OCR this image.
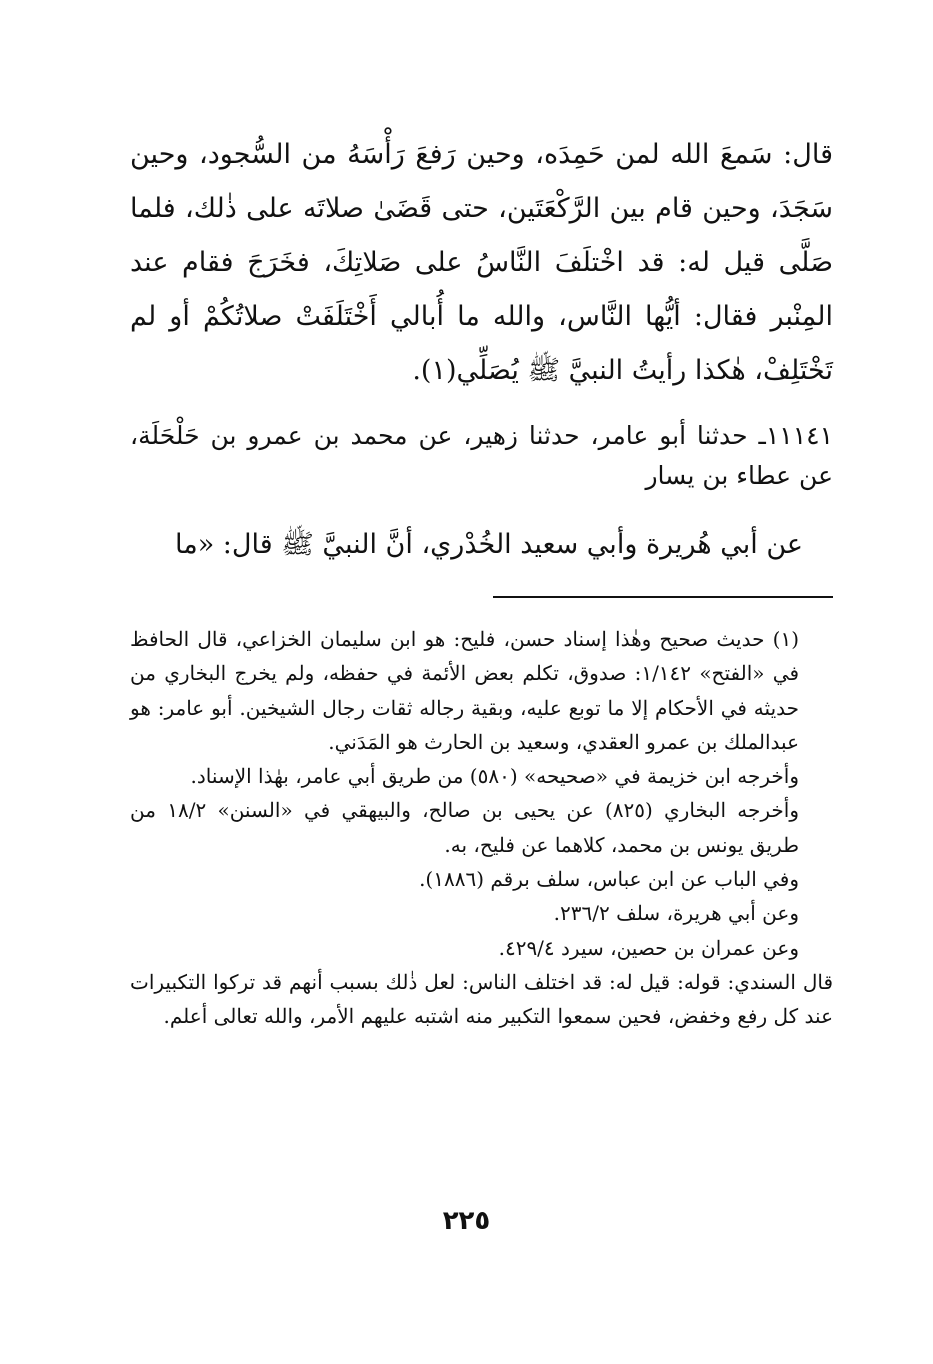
قال: سَمعَ الله لمن حَمِدَه، وحين رَفعَ رَأْسَهُ من السُّجود، وحين سَجَدَ، وحين قام بين الرَّكْعَتَين، حتى قَضَىٰ صلاتَه على ذٰلك، فلما صَلَّى قيل له: قد اخْتلَفَ النَّاسُ على صَلاتِكَ، فخَرَجَ فقام عند المِنْبر فقال: أيُّها النَّاس، والله ما أُبالي أَخْتَلَفَتْ صلاتُكُمْ أو لم تَخْتَلِفْ، هٰكذا رأيتُ النبيَّ ﷺ يُصَلِّي(١).

١١١٤١ـ حدثنا أبو عامر، حدثنا زهير، عن محمد بن عمرو بن حَلْحَلَة، عن عطاء بن يسار

عن أبي هُريرة وأبي سعيد الخُدْري، أنَّ النبيَّ ﷺ قال: «ما

(١) حديث صحيح وهٰذا إسناد حسن، فليح: هو ابن سليمان الخزاعي، قال الحافظ في «الفتح» ١/١٤٢: صدوق، تكلم بعض الأئمة في حفظه، ولم يخرج البخاري من حديثه في الأحكام إلا ما توبع عليه، وبقية رجاله ثقات رجال الشيخين. أبو عامر: هو عبدالملك بن عمرو العقدي، وسعيد بن الحارث هو المَدَني.

وأخرجه ابن خزيمة في «صحيحه» (٥٨٠) من طريق أبي عامر، بهٰذا الإسناد.

وأخرجه البخاري (٨٢٥) عن يحيى بن صالح، والبيهقي في «السنن» ١٨/٢ من طريق يونس بن محمد، كلاهما عن فليح، به.

وفي الباب عن ابن عباس، سلف برقم (١٨٨٦).

وعن أبي هريرة، سلف ٢٣٦/٢.

وعن عمران بن حصين، سيرد ٤٢٩/٤.

قال السندي: قوله: قيل له: قد اختلف الناس: لعل ذٰلك بسبب أنهم قد تركوا التكبيرات عند كل رفع وخفض، فحين سمعوا التكبير منه اشتبه عليهم الأمر، والله تعالى أعلم.

٢٢٥
